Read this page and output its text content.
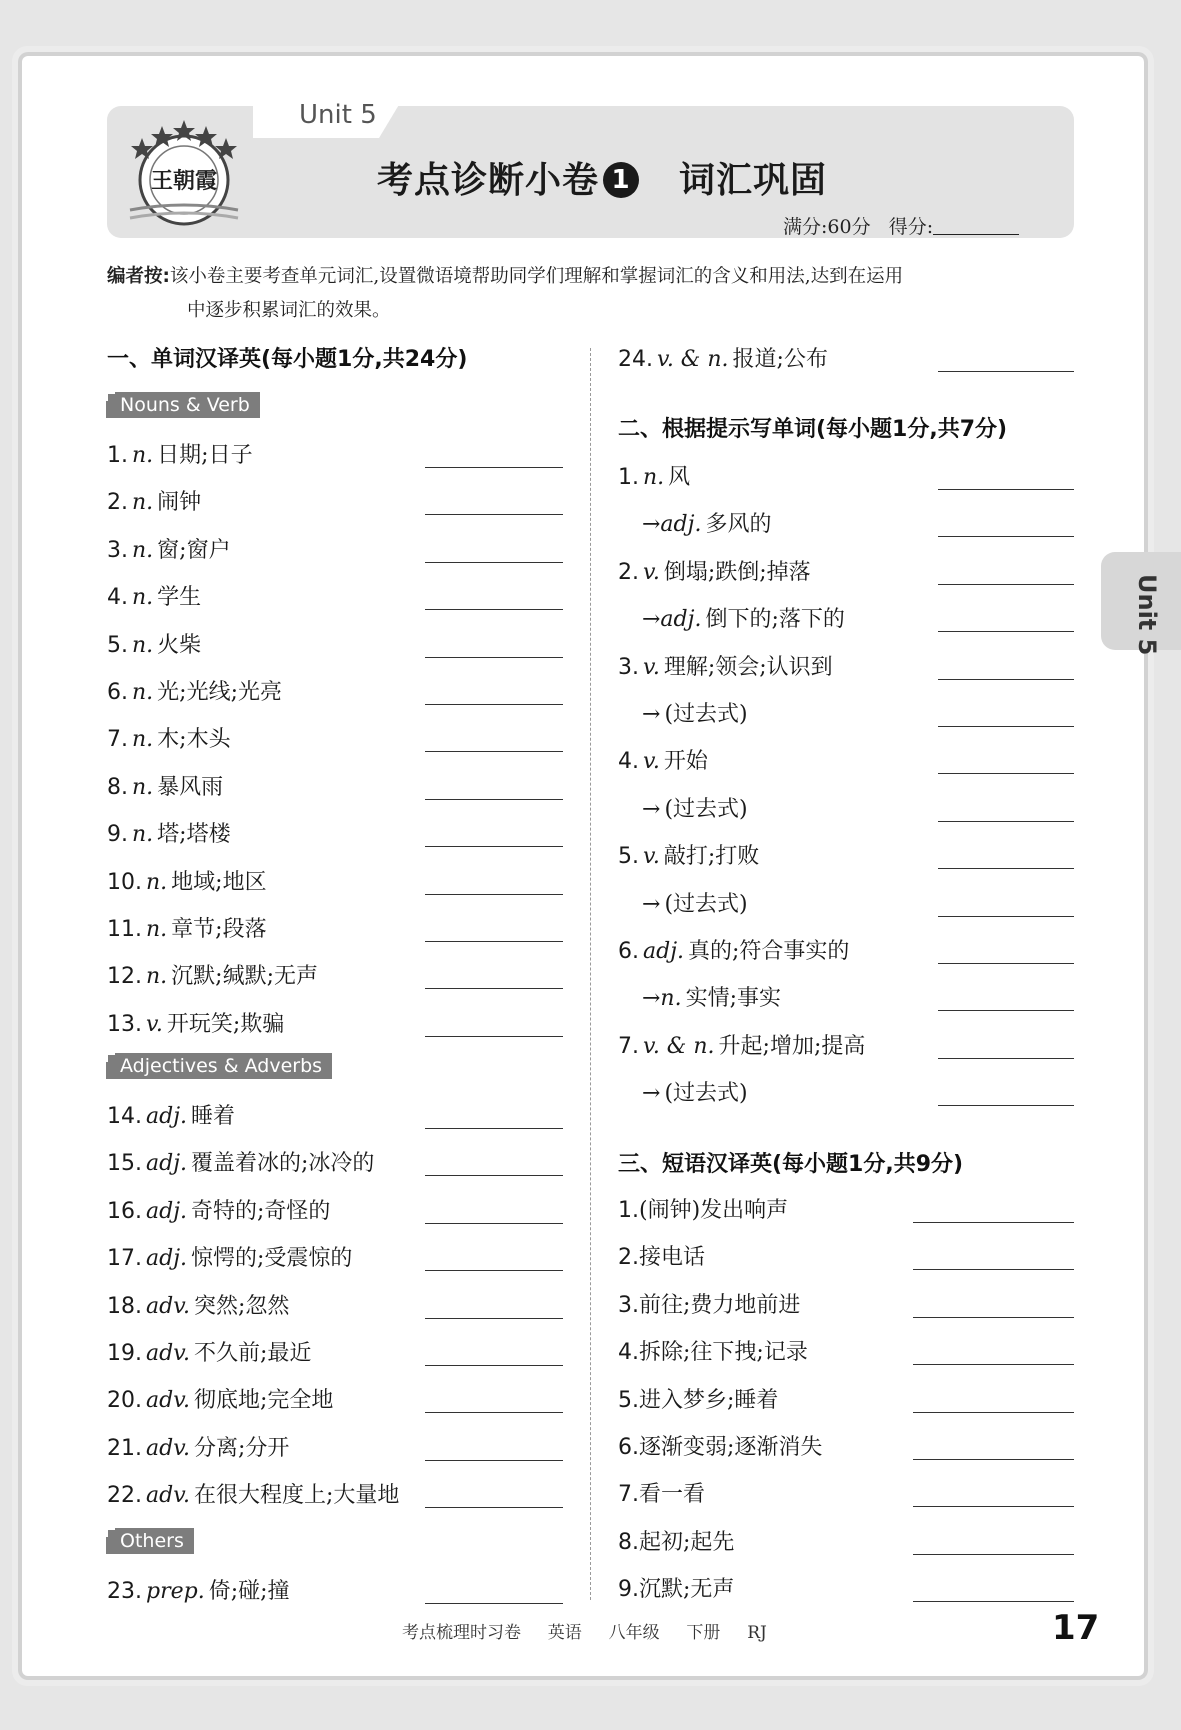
Unit 5
王朝霞	考点诊断小卷 1 词汇巩固
满分:60分   得分:
编者按:该小卷主要考查单元词汇,设置微语境帮助同学们理解和掌握词汇的含义和用法,达到在运用
中逐步积累词汇的效果。
Unit 5
一、单词汉译英(每小题1分,共24分)
二、根据提示写单词(每小题1分,共7分)
三、短语汉译英(每小题1分,共9分)
Nouns & Verb
1. n. 日期;日子
2. n. 闹钟
3. n. 窗;窗户
4. n. 学生
5. n. 火柴
6. n. 光;光线;光亮
7. n. 木;木头
8. n. 暴风雨
9. n. 塔;塔楼
10. n. 地域;地区
11. n. 章节;段落
12. n. 沉默;缄默;无声
13. v. 开玩笑;欺骗
Adjectives & Adverbs
14. adj. 睡着
15. adj. 覆盖着冰的;冰冷的
16. adj. 奇特的;奇怪的
17. adj. 惊愕的;受震惊的
18. adv. 突然;忽然
19. adv. 不久前;最近
20. adv. 彻底地;完全地
21. adv. 分离;分开
22. adv. 在很大程度上;大量地
Others
23. prep. 倚;碰;撞
24. v. & n. 报道;公布
1. n. 风
→adj. 多风的
2. v. 倒塌;跌倒;掉落
→adj. 倒下的;落下的
3. v. 理解;领会;认识到
→ (过去式)
4. v. 开始
→ (过去式)
5. v. 敲打;打败
→ (过去式)
6. adj. 真的;符合事实的
→n. 实情;事实
7. v. & n. 升起;增加;提高
→ (过去式)
1.(闹钟)发出响声
2.接电话
3.前往;费力地前进
4.拆除;往下拽;记录
5.进入梦乡;睡着
6.逐渐变弱;逐渐消失
7.看一看
8.起初;起先
9.沉默;无声
考点梳理时习卷  英语  八年级  下册  RJ	17
